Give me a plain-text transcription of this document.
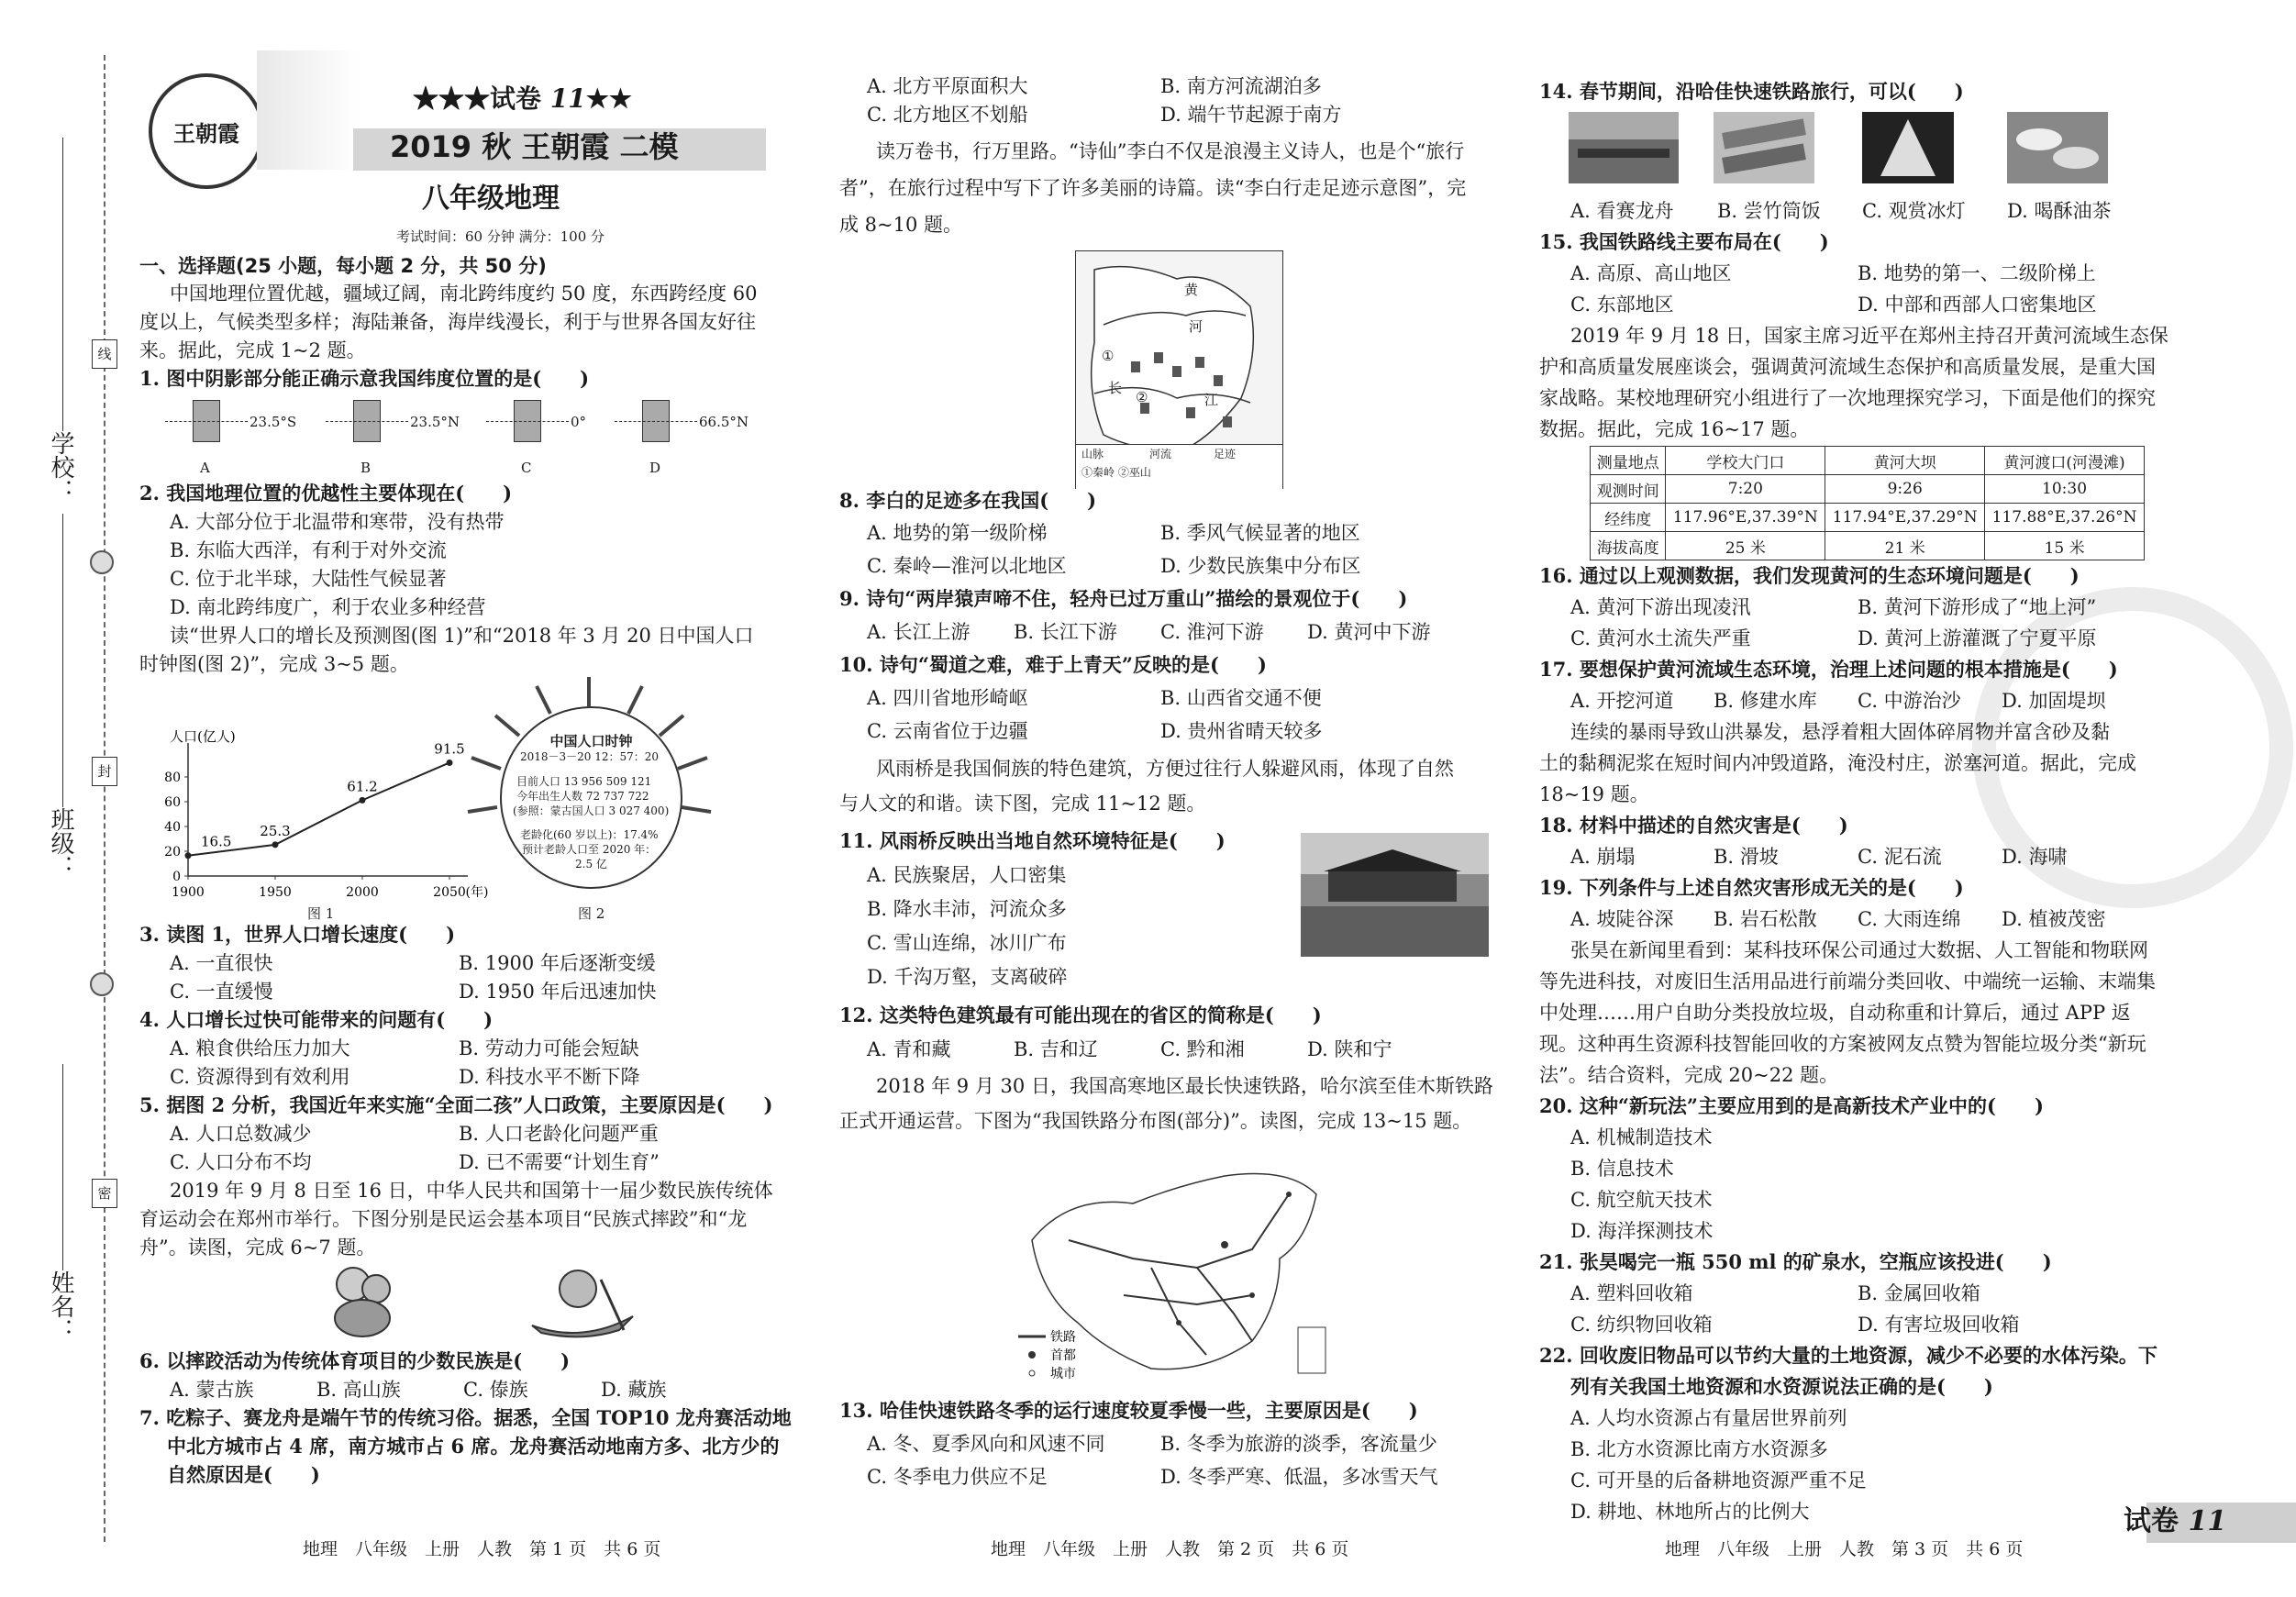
学校：
班级：
姓名：
线
封
密
王朝霞
★★★试卷 11★★
2019 秋 王朝霞 二模
八年级地理
考试时间：60 分钟 满分：100 分
一、选择题(25 小题，每小题 2 分，共 50 分)
中国地理位置优越，疆域辽阔，南北跨纬度约 50 度，东西跨经度 60
度以上，气候类型多样；海陆兼备，海岸线漫长，利于与世界各国友好往
来。据此，完成 1~2 题。
1. 图中阴影部分能正确示意我国纬度位置的是(　　)
23.5°S
A
23.5°N
B
0°
C
66.5°N
D
2. 我国地理位置的优越性主要体现在(　　)
A. 大部分位于北温带和寒带，没有热带
B. 东临大西洋，有利于对外交流
C. 位于北半球，大陆性气候显著
D. 南北跨纬度广，利于农业多种经营
读“世界人口的增长及预测图(图 1)”和“2018 年 3 月 20 日中国人口
时钟图(图 2)”，完成 3~5 题。
人口(亿人)
0
20
40
60
80
1900	1950	2000	2050 (年)
16.5
25.3
61.2
91.5
图 1
中国人口时钟
2018－3－20 12：57：20
目前人口 13 956 509 121
今年出生人数 72 737 722
(参照：蒙古国人口 3 027 400)
老龄化(60 岁以上)：17.4%
预计老龄人口至 2020 年：
2.5 亿
图 2
3. 读图 1，世界人口增长速度(　　)
A. 一直很快	B. 1900 年后逐渐变缓
C. 一直缓慢	D. 1950 年后迅速加快
4. 人口增长过快可能带来的问题有(　　)
A. 粮食供给压力加大	B. 劳动力可能会短缺
C. 资源得到有效利用	D. 科技水平不断下降
5. 据图 2 分析，我国近年来实施“全面二孩”人口政策，主要原因是(　　)
A. 人口总数减少	B. 人口老龄化问题严重
C. 人口分布不均	D. 已不需要“计划生育”
2019 年 9 月 8 日至 16 日，中华人民共和国第十一届少数民族传统体
育运动会在郑州市举行。下图分别是民运会基本项目“民族式摔跤”和“龙
舟”。读图，完成 6~7 题。
6. 以摔跤活动为传统体育项目的少数民族是(　　)
A. 蒙古族	B. 高山族	C. 傣族	D. 藏族
7. 吃粽子、赛龙舟是端午节的传统习俗。据悉，全国 TOP10 龙舟赛活动地
中北方城市占 4 席，南方城市占 6 席。龙舟赛活动地南方多、北方少的
自然原因是(　　)
地理　八年级　上册　人教　第 1 页　共 6 页
A. 北方平原面积大	B. 南方河流湖泊多
C. 北方地区不划船	D. 端午节起源于南方
读万卷书，行万里路。“诗仙”李白不仅是浪漫主义诗人，也是个“旅行
者”，在旅行过程中写下了许多美丽的诗篇。读“李白行走足迹示意图”，完
成 8~10 题。
黄
河
长
江
①
②
山脉	河流	足迹
①秦岭 ②巫山
8. 李白的足迹多在我国(　　)
A. 地势的第一级阶梯	B. 季风气候显著的地区
C. 秦岭—淮河以北地区	D. 少数民族集中分布区
9. 诗句“两岸猿声啼不住，轻舟已过万重山”描绘的景观位于(　　)
A. 长江上游 B. 长江下游 C. 淮河下游 D. 黄河中下游
10. 诗句“蜀道之难，难于上青天”反映的是(　　)
A. 四川省地形崎岖	B. 山西省交通不便
C. 云南省位于边疆	D. 贵州省晴天较多
风雨桥是我国侗族的特色建筑，方便过往行人躲避风雨，体现了自然
与人文的和谐。读下图，完成 11~12 题。
11. 风雨桥反映出当地自然环境特征是(　　)
A. 民族聚居，人口密集
B. 降水丰沛，河流众多
C. 雪山连绵，冰川广布
D. 千沟万壑，支离破碎
12. 这类特色建筑最有可能出现在的省区的简称是(　　)
A. 青和藏	B. 吉和辽	C. 黔和湘	D. 陕和宁
2018 年 9 月 30 日，我国高寒地区最长快速铁路，哈尔滨至佳木斯铁路
正式开通运营。下图为“我国铁路分布图(部分)”。读图，完成 13~15 题。
铁路
首都
城市
13. 哈佳快速铁路冬季的运行速度较夏季慢一些，主要原因是(　　)
A. 冬、夏季风向和风速不同	B. 冬季为旅游的淡季，客流量少
C. 冬季电力供应不足	D. 冬季严寒、低温，多冰雪天气
地理　八年级　上册　人教　第 2 页　共 6 页
14. 春节期间，沿哈佳快速铁路旅行，可以(　　)
A. 看赛龙舟 B. 尝竹筒饭 C. 观赏冰灯 D. 喝酥油茶
15. 我国铁路线主要布局在(　　)
A. 高原、高山地区	B. 地势的第一、二级阶梯上
C. 东部地区	D. 中部和西部人口密集地区
2019 年 9 月 18 日，国家主席习近平在郑州主持召开黄河流域生态保
护和高质量发展座谈会，强调黄河流域生态保护和高质量发展，是重大国
家战略。某校地理研究小组进行了一次地理探究学习，下面是他们的探究
数据。据此，完成 16~17 题。
测量地点	学校大门口	黄河大坝	黄河渡口(河漫滩)
观测时间	7:20	9:26	10:30
经纬度	117.96°E,37.39°N	117.94°E,37.29°N	117.88°E,37.26°N
海拔高度	25 米	21 米	15 米
16. 通过以上观测数据，我们发现黄河的生态环境问题是(　　)
A. 黄河下游出现凌汛	B. 黄河下游形成了“地上河”
C. 黄河水土流失严重	D. 黄河上游灌溉了宁夏平原
17. 要想保护黄河流域生态环境，治理上述问题的根本措施是(　　)
A. 开挖河道 B. 修建水库 C. 中游治沙 D. 加固堤坝
连续的暴雨导致山洪暴发，悬浮着粗大固体碎屑物并富含砂及黏
土的黏稠泥浆在短时间内冲毁道路，淹没村庄，淤塞河道。据此，完成
18~19 题。
18. 材料中描述的自然灾害是(　　)
A. 崩塌	B. 滑坡	C. 泥石流	D. 海啸
19. 下列条件与上述自然灾害形成无关的是(　　)
A. 坡陡谷深 B. 岩石松散 C. 大雨连绵 D. 植被茂密
张昊在新闻里看到：某科技环保公司通过大数据、人工智能和物联网
等先进科技，对废旧生活用品进行前端分类回收、中端统一运输、末端集
中处理……用户自助分类投放垃圾，自动称重和计算后，通过 APP 返
现。这种再生资源科技智能回收的方案被网友点赞为智能垃圾分类“新玩
法”。结合资料，完成 20~22 题。
20. 这种“新玩法”主要应用到的是高新技术产业中的(　　)
A. 机械制造技术
B. 信息技术
C. 航空航天技术
D. 海洋探测技术
21. 张昊喝完一瓶 550 ml 的矿泉水，空瓶应该投进(　　)
A. 塑料回收箱	B. 金属回收箱
C. 纺织物回收箱	D. 有害垃圾回收箱
22. 回收废旧物品可以节约大量的土地资源，减少不必要的水体污染。下
列有关我国土地资源和水资源说法正确的是(　　)
A. 人均水资源占有量居世界前列
B. 北方水资源比南方水资源多
C. 可开垦的后备耕地资源严重不足
D. 耕地、林地所占的比例大
地理　八年级　上册　人教　第 3 页　共 6 页
试卷 11
